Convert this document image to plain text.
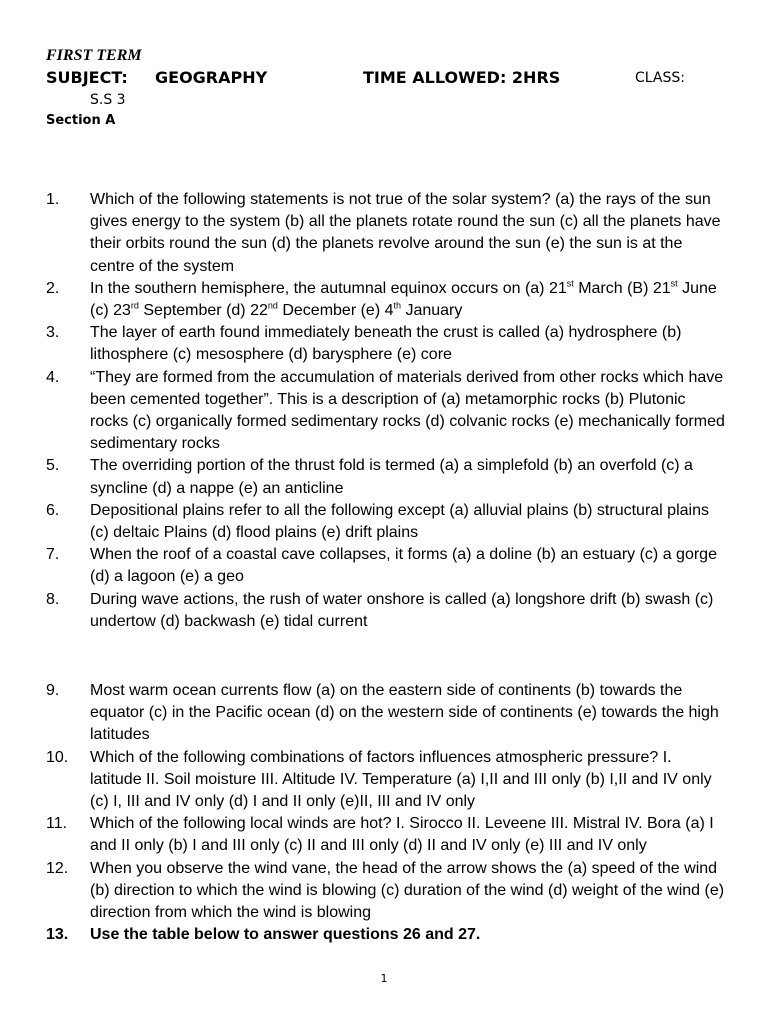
FIRST TERM
SUBJECT: GEOGRAPHY	TIME ALLOWED: 2HRS	CLASS:
S.S 3
Section A
1. Which of the following statements is not true of the solar system? (a) the rays of the sun gives energy to the system (b) all the planets rotate round the sun (c) all the planets have their orbits round the sun (d) the planets revolve around the sun (e) the sun is at the centre of the system
2. In the southern hemisphere, the autumnal equinox occurs on (a) 21st March (B) 21st June (c) 23rd September (d) 22nd December (e) 4th January
3. The layer of earth found immediately beneath the crust is called (a) hydrosphere (b) lithosphere (c) mesosphere (d) barysphere (e) core
4. “They are formed from the accumulation of materials derived from other rocks which have been cemented together”. This is a description of (a) metamorphic rocks (b) Plutonic rocks (c) organically formed sedimentary rocks (d) colvanic rocks (e) mechanically formed sedimentary rocks
5. The overriding portion of the thrust fold is termed (a) a simplefold (b) an overfold (c) a syncline (d) a nappe (e) an anticline
6. Depositional plains refer to all the following except (a) alluvial plains (b) structural plains (c) deltaic Plains (d) flood plains (e) drift plains
7. When the roof of a coastal cave collapses, it forms (a) a doline (b) an estuary (c) a gorge (d) a lagoon (e) a geo
8. During wave actions, the rush of water onshore is called (a) longshore drift (b) swash (c) undertow (d) backwash (e) tidal current
9. Most warm ocean currents flow (a) on the eastern side of continents (b) towards the equator (c) in the Pacific ocean (d) on the western side of continents (e) towards the high latitudes
10. Which of the following combinations of factors influences atmospheric pressure? I. latitude II. Soil moisture III. Altitude IV. Temperature (a) I,II and III only (b) I,II and IV only (c) I, III and IV only (d) I and II only (e)II, III and IV only
11. Which of the following local winds are hot? I. Sirocco II. Leveene III. Mistral IV. Bora (a) I and II only (b) I and III only (c) II and III only (d) II and IV only (e) III and IV only
12. When you observe the wind vane, the head of the arrow shows the (a) speed of the wind (b) direction to which the wind is blowing (c) duration of the wind (d) weight of the wind (e) direction from which the wind is blowing
13. Use the table below to answer questions 26 and 27.
1
